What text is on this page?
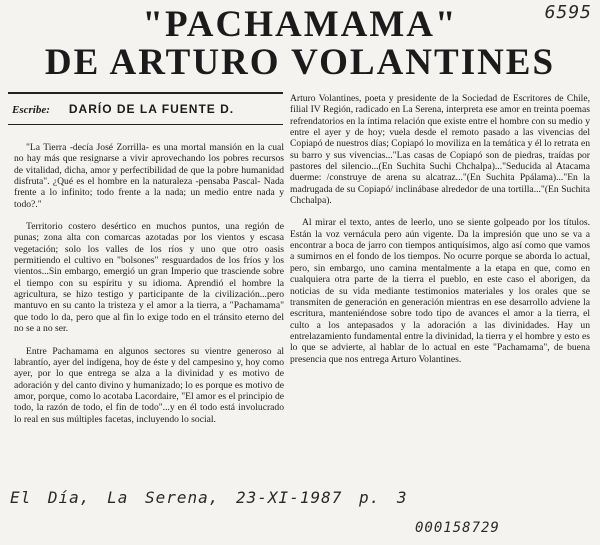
6595
"PACHAMAMA"
DE ARTURO VOLANTINES
Escribe: DARÍO DE LA FUENTE D.

"La Tierra -decía José Zorrilla- es una mortal mansión en la cual no hay más que resignarse a vivir aprovechando los pobres recursos de vitalidad, dicha, amor y perfectibilidad de que la pobre humanidad disfruta". ¿Qué es el hombre en la naturaleza -pensaba Pascal- Nada frente a lo infinito; todo frente a la nada; un medio entre nada y todo?."

Territorio costero desértico en muchos puntos, una región de punas; zona alta con comarcas azotadas por los vientos y escasa vegetación; solo los valles de los ríos y uno que otro oasis permitiendo el cultivo en "bolsones" resguardados de los fríos y los vientos...Sin embargo, emergió un gran Imperio que trasciende sobre el tiempo con su espíritu y su idioma. Aprendió el hombre la agricultura, se hizo testigo y participante de la civilización...pero mantuvo en su canto la tristeza y el amor a la tierra, a "Pachamama" que todo lo da, pero que al fin lo exige todo en el tránsito eterno del no se a no ser.

Entre Pachamama en algunos sectores su vientre generoso al labrantío, ayer del indígena, hoy de éste y del campesino y, hoy como ayer, por lo que entrega se alza a la divinidad y es motivo de adoración y del canto divino y humanizado; lo es porque es motivo de amor, porque, como lo acotaba Lacordaire, "El amor es el principio de todo, la razón de todo, el fin de todo"...y en él todo está involucrado lo real en sus múltiples facetas, incluyendo lo social.

Arturo Volantines, poeta y presidente de la Sociedad de Escritores de Chile, filial IV Región, radicado en La Serena, interpreta ese amor en treinta poemas refrendatorios en la íntima relación que existe entre el hombre con su medio y entre el ayer y de hoy; vuela desde el remoto pasado a las vivencias del Copiapó de nuestros días; Copiapó lo moviliza en la temática y él lo retrata en su barro y sus vivencias..."Las casas de Copiapó son de piedras, traídas por pastores del silencio...(En Suchita Suchi Chchalpa)..."Seducida al Atacama duerme: /construye de arena su alcatraz..."(En Suchita Ppálama)..."En la madrugada de su Copiapó/ inclinábase alrededor de una tortilla..."(En Suchita Chchalpa).

Al mirar el texto, antes de leerlo, uno se siente golpeado por los títulos. Están la voz vernácula pero aún vigente. Da la impresión que uno se va a encontrar a boca de jarro con tiempos antiquísimos, algo así como que vamos a sumirnos en el fondo de los tiempos. No ocurre porque se aborda lo actual, pero, sin embargo, uno camina mentalmente a la etapa en que, como en cualquiera otra parte de la tierra el pueblo, en este caso el aborigen, da noticias de su vida mediante testimonios materiales y los orales que se transmiten de generación en generación mientras en ese desarrollo adviene la escritura, manteniéndose sobre todo tipo de avances el amor a la tierra, el culto a los antepasados y la adoración a las divinidades. Hay un entrelazamiento fundamental entre la divinidad, la tierra y el hombre y esto es lo que se advierte, al hablar de lo actual en este "Pachamama", de buena presencia que nos entrega Arturo Volantines.

El Día, La Serena, 23-XI-1987 p. 3
000158729
